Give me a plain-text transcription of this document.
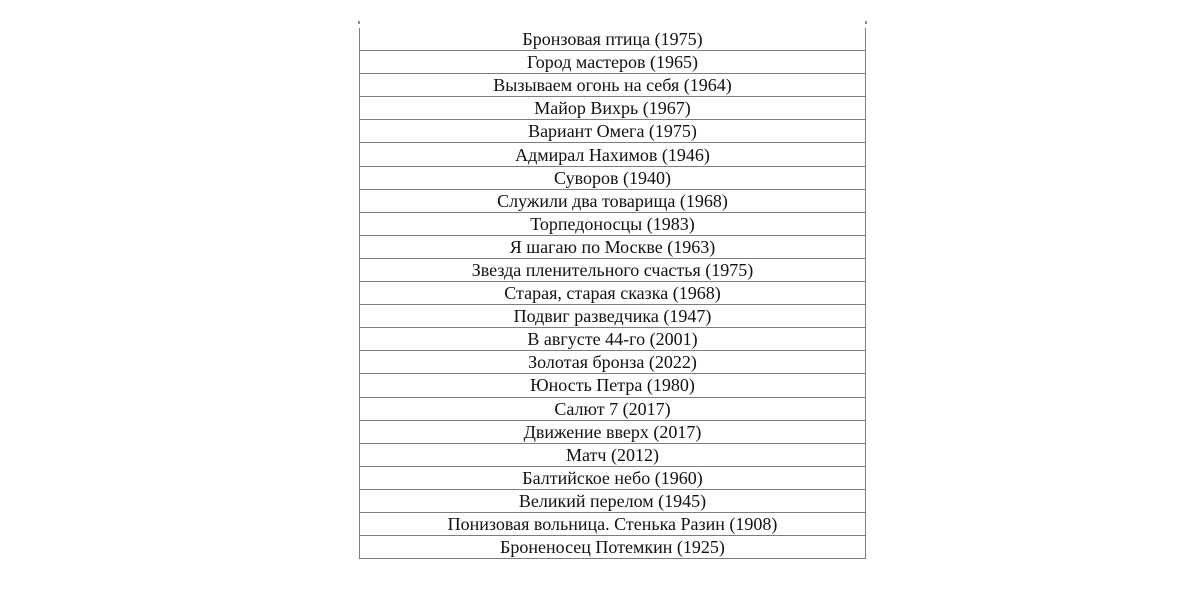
Бронзовая птица (1975)
Город мастеров (1965)
Вызываем огонь на себя (1964)
Майор Вихрь (1967)
Вариант Омега (1975)
Адмирал Нахимов (1946)
Суворов (1940)
Служили два товарища (1968)
Торпедоносцы (1983)
Я шагаю по Москве (1963)
Звезда пленительного счастья (1975)
Старая, старая сказка (1968)
Подвиг разведчика (1947)
В августе 44-го (2001)
Золотая бронза (2022)
Юность Петра (1980)
Салют 7 (2017)
Движение вверх (2017)
Матч (2012)
Балтийское небо (1960)
Великий перелом (1945)
Понизовая вольница. Стенька Разин (1908)
Броненосец Потемкин (1925)
